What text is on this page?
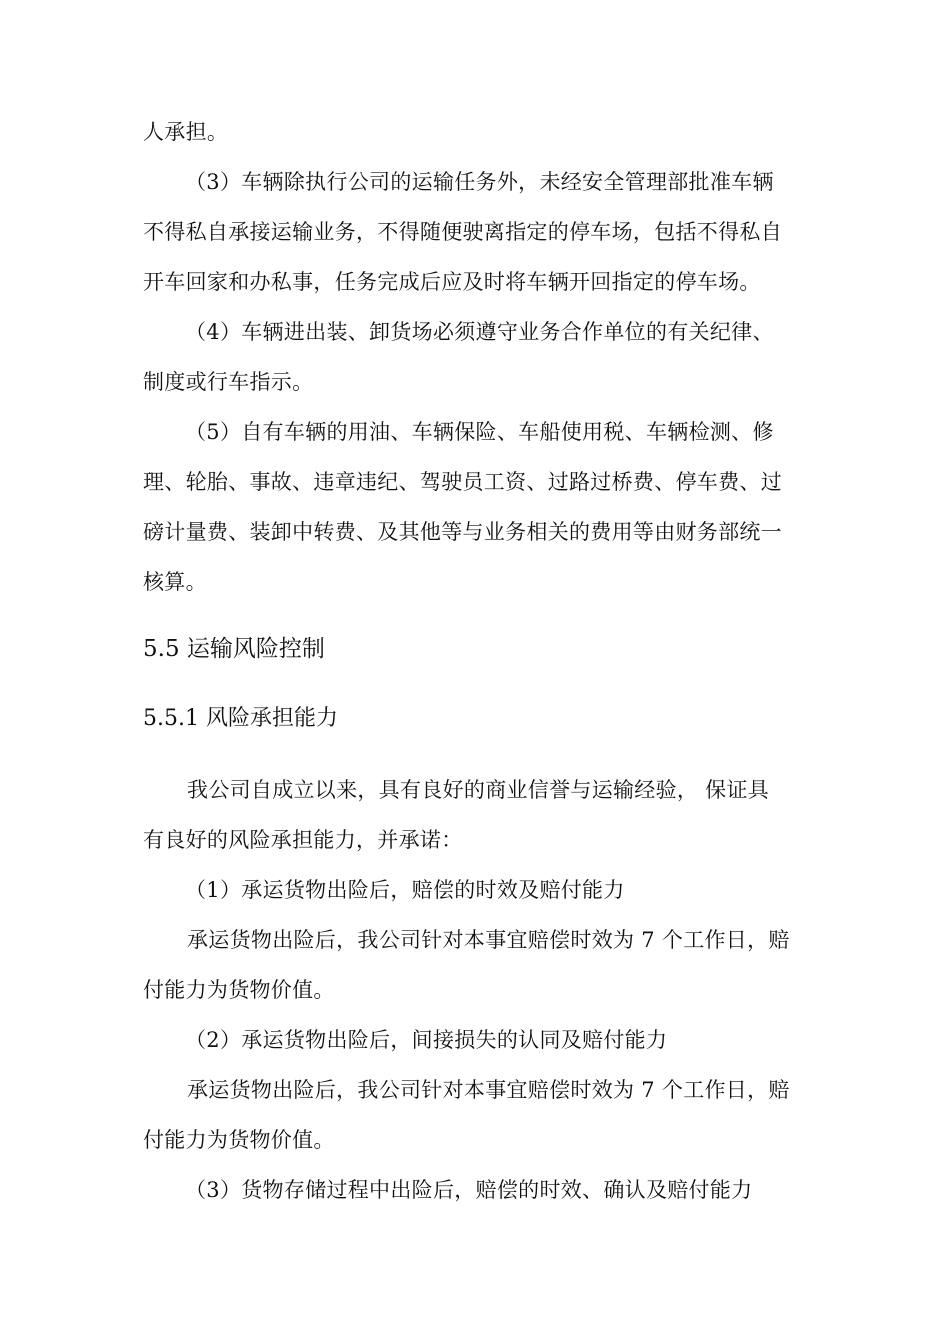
人承担。
（3）车辆除执行公司的运输任务外，未经安全管理部批准车辆
不得私自承接运输业务，不得随便驶离指定的停车场，包括不得私自
开车回家和办私事，任务完成后应及时将车辆开回指定的停车场。
（4）车辆进出装、卸货场必须遵守业务合作单位的有关纪律、
制度或行车指示。
（5）自有车辆的用油、车辆保险、车船使用税、车辆检测、修
理、轮胎、事故、违章违纪、驾驶员工资、过路过桥费、停车费、过
磅计量费、装卸中转费、及其他等与业务相关的费用等由财务部统一
核算。
5.5 运输风险控制
5.5.1 风险承担能力
我公司自成立以来，具有良好的商业信誉与运输经验， 保证具
有良好的风险承担能力，并承诺：
（1）承运货物出险后，赔偿的时效及赔付能力
承运货物出险后，我公司针对本事宜赔偿时效为 7 个工作日，赔
付能力为货物价值。
（2）承运货物出险后，间接损失的认同及赔付能力
承运货物出险后，我公司针对本事宜赔偿时效为 7 个工作日，赔
付能力为货物价值。
（3）货物存储过程中出险后，赔偿的时效、确认及赔付能力
